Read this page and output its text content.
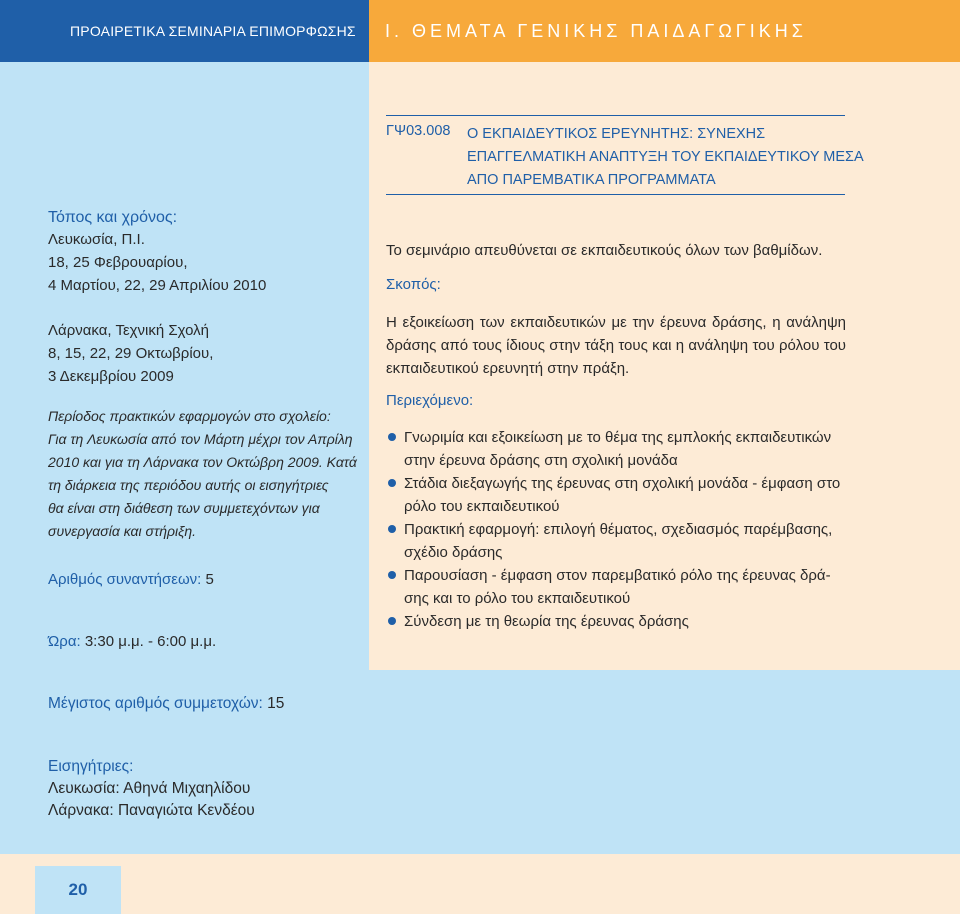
ΠΡΟΑΙΡΕΤΙΚΑ ΣΕΜΙΝΑΡΙΑ ΕΠΙΜΟΡΦΩΣΗΣ	Ι. ΘΕΜΑΤΑ ΓΕΝΙΚΗΣ ΠΑΙΔΑΓΩΓΙΚΗΣ
20
Τόπος και χρόνος:
Λευκωσία, Π.Ι.
18, 25 Φεβρουαρίου,
4 Μαρτίου, 22, 29 Απριλίου 2010
Λάρνακα, Τεχνική Σχολή
8, 15, 22, 29 Οκτωβρίου,
3 Δεκεμβρίου 2009
Περίοδος πρακτικών εφαρμογών στο σχολείο:
Για τη Λευκωσία από τον Μάρτη μέχρι τον Απρίλη
2010 και για τη Λάρνακα τον Οκτώβρη 2009. Κατά
τη διάρκεια της περιόδου αυτής οι εισηγήτριες
θα είναι στη διάθεση των συμμετεχόντων για
συνεργασία και στήριξη.
Αριθμός συναντήσεων: 5
Ώρα: 3:30 μ.μ. - 6:00 μ.μ.
Μέγιστος αριθμός συμμετοχών: 15
Εισηγήτριες:
Λευκωσία: Αθηνά Μιχαηλίδου
Λάρνακα: Παναγιώτα Κενδέου
ΓΨ03.008 Ο ΕΚΠΑΙΔΕΥΤΙΚΟΣ ΕΡΕΥΝΗΤΗΣ: ΣΥΝΕΧΗΣ ΕΠΑΓΓΕΛΜΑΤΙΚΗ ΑΝΑΠΤΥΞΗ ΤΟΥ ΕΚΠΑΙΔΕΥΤΙΚΟΥ ΜΕΣΑ ΑΠΟ ΠΑΡΕΜΒΑΤΙΚΑ ΠΡΟΓΡΑΜΜΑΤΑ
Το σεμινάριο απευθύνεται σε εκπαιδευτικούς όλων των βαθμίδων.
Σκοπός:
Η εξοικείωση των εκπαιδευτικών με την έρευνα δράσης, η ανάληψη δράσης από τους ίδιους στην τάξη τους και η ανάληψη του ρόλου του εκπαιδευτικού ερευνητή στην πράξη.
Περιεχόμενο:
Γνωριμία και εξοικείωση με το θέμα της εμπλοκής εκπαιδευτικών
στην έρευνα δράσης στη σχολική μονάδα
Στάδια διεξαγωγής της έρευνας στη σχολική μονάδα - έμφαση στο
ρόλο του εκπαιδευτικού
Πρακτική εφαρμογή: επιλογή θέματος, σχεδιασμός παρέμβασης,
σχέδιο δράσης
Παρουσίαση - έμφαση στον παρεμβατικό ρόλο της έρευνας δρά-
σης και το ρόλο του εκπαιδευτικού
Σύνδεση με τη θεωρία της έρευνας δράσης
